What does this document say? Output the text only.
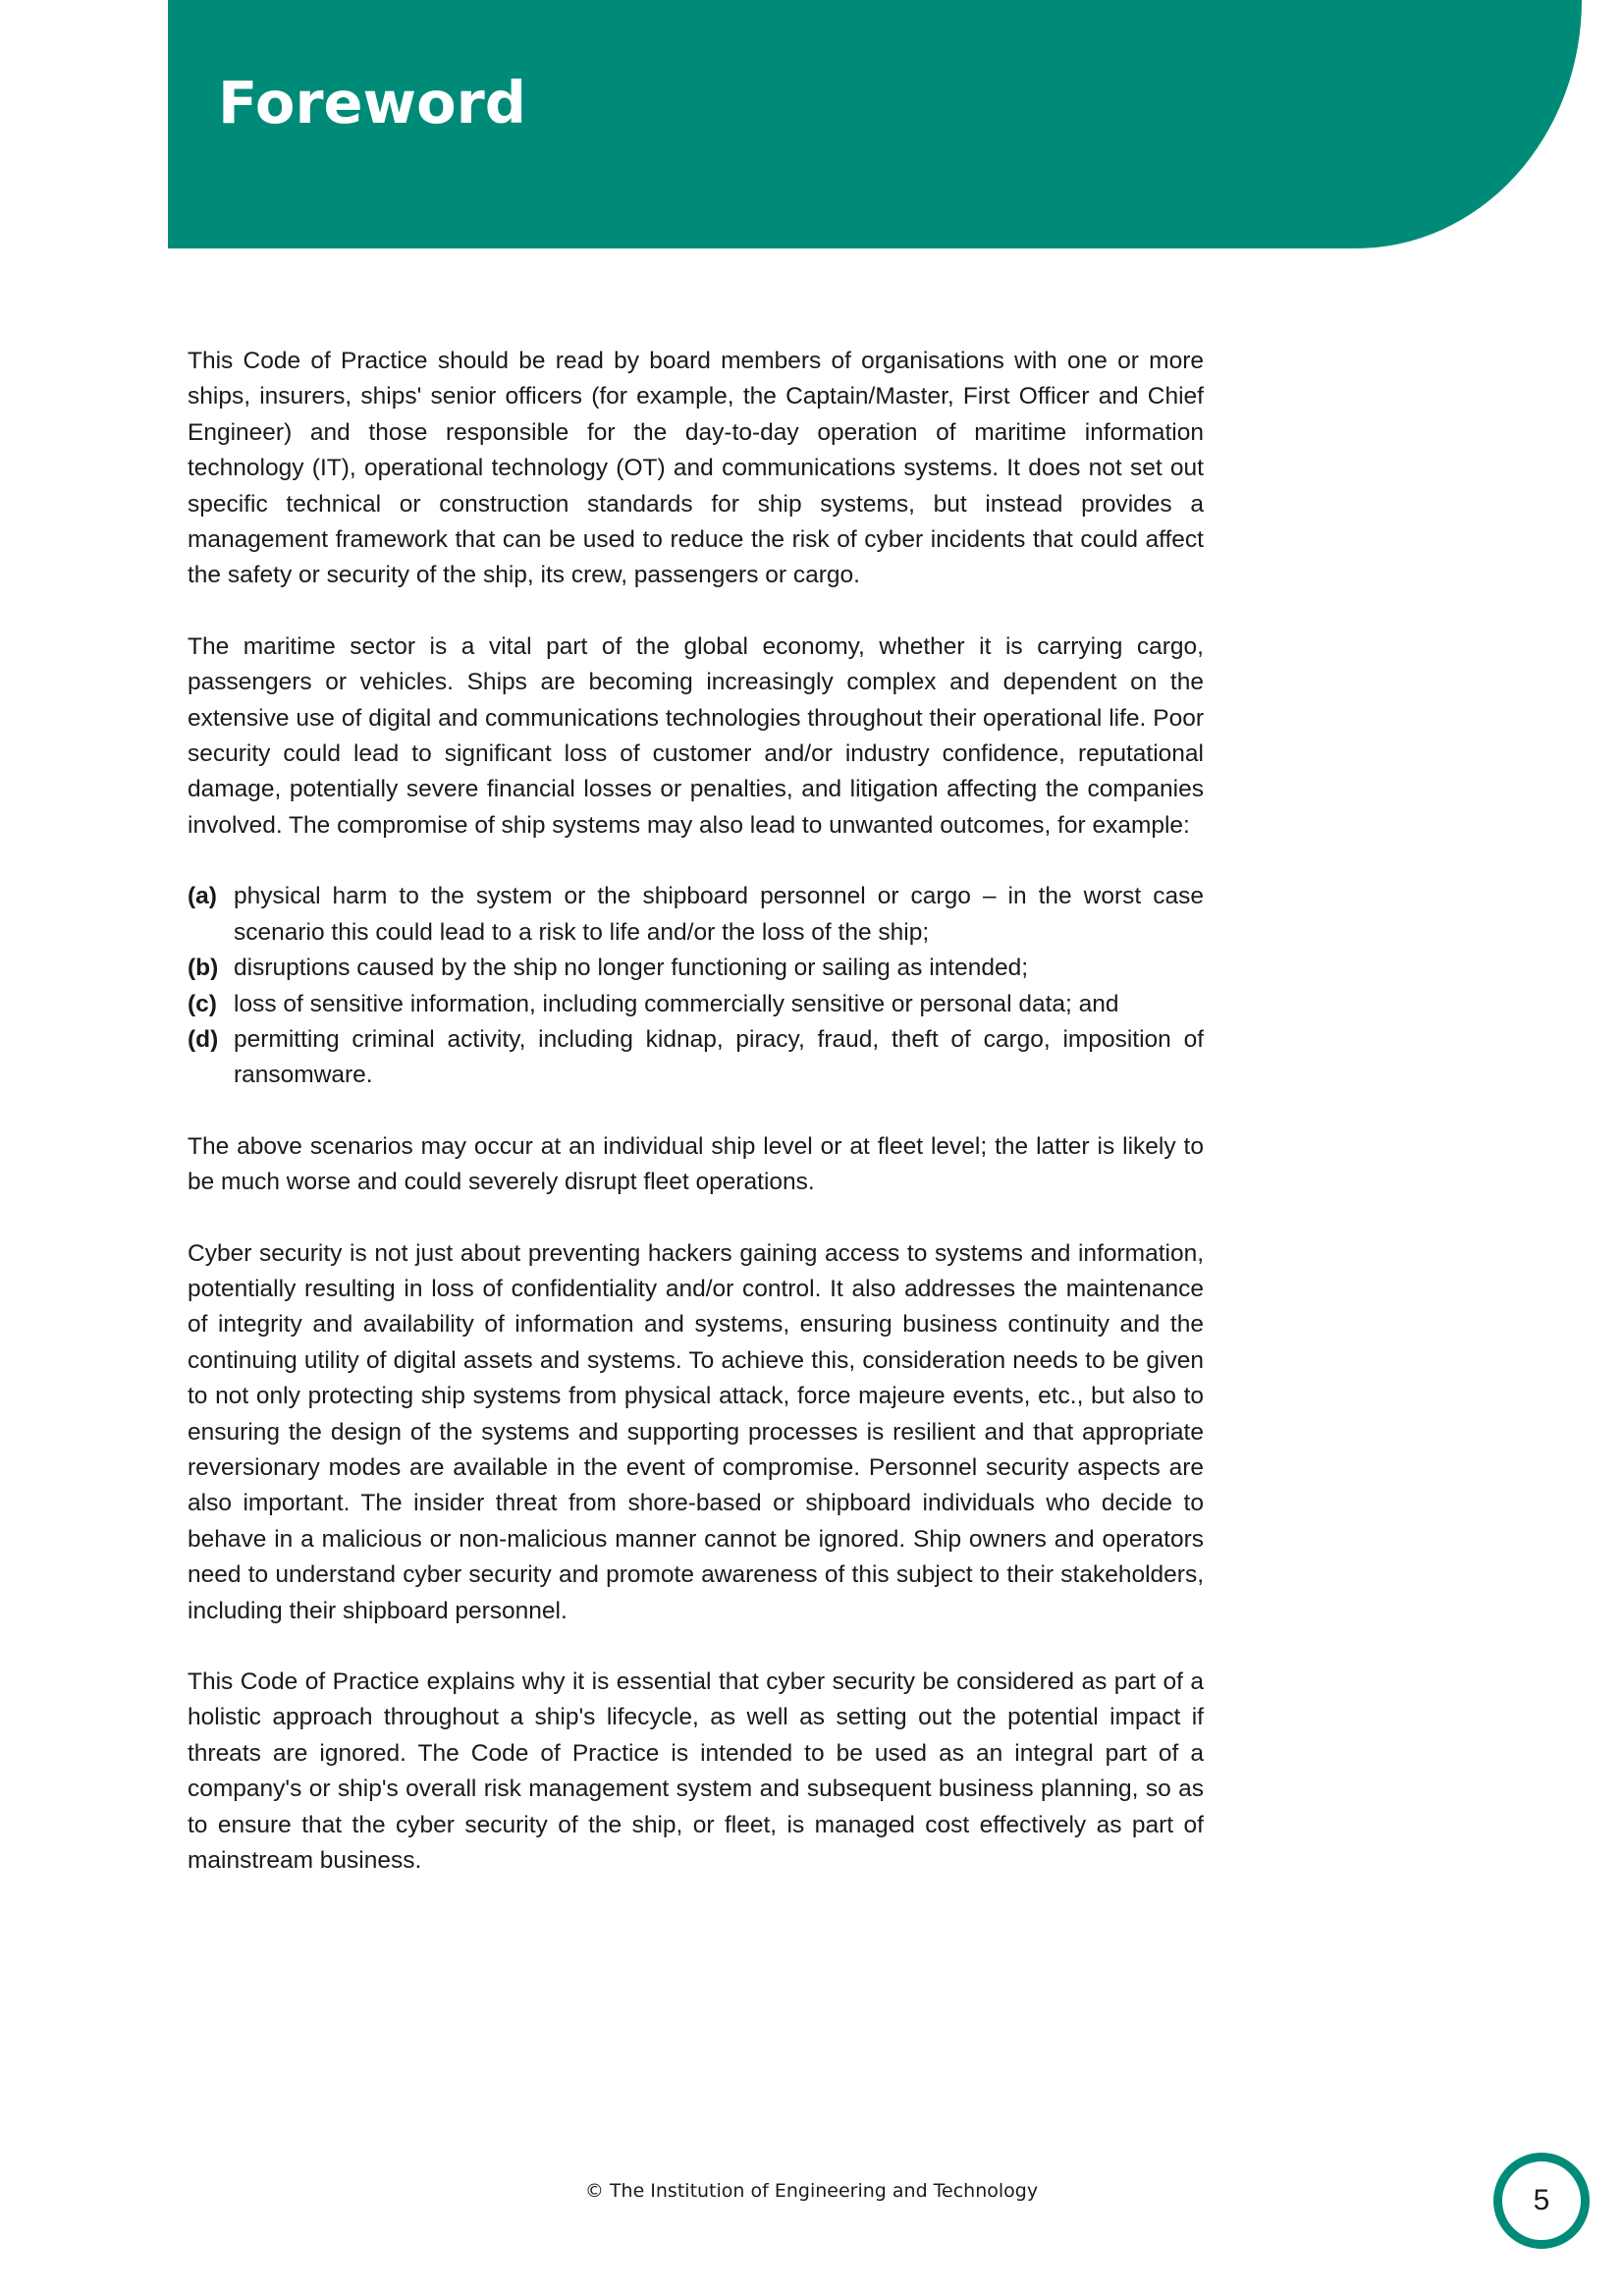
Foreword

This Code of Practice should be read by board members of organisations with one or more ships, insurers, ships' senior officers (for example, the Captain/Master, First Officer and Chief Engineer) and those responsible for the day-to-day operation of maritime information technology (IT), operational technology (OT) and communications systems. It does not set out specific technical or construction standards for ship systems, but instead provides a management framework that can be used to reduce the risk of cyber incidents that could affect the safety or security of the ship, its crew, passengers or cargo.

The maritime sector is a vital part of the global economy, whether it is carrying cargo, passengers or vehicles. Ships are becoming increasingly complex and dependent on the extensive use of digital and communications technologies throughout their operational life. Poor security could lead to significant loss of customer and/or industry confidence, reputational damage, potentially severe financial losses or penalties, and litigation affecting the companies involved. The compromise of ship systems may also lead to unwanted outcomes, for example:

(a) physical harm to the system or the shipboard personnel or cargo – in the worst case scenario this could lead to a risk to life and/or the loss of the ship;
(b) disruptions caused by the ship no longer functioning or sailing as intended;
(c) loss of sensitive information, including commercially sensitive or personal data; and
(d) permitting criminal activity, including kidnap, piracy, fraud, theft of cargo, imposition of ransomware.

The above scenarios may occur at an individual ship level or at fleet level; the latter is likely to be much worse and could severely disrupt fleet operations.

Cyber security is not just about preventing hackers gaining access to systems and information, potentially resulting in loss of confidentiality and/or control. It also addresses the maintenance of integrity and availability of information and systems, ensuring business continuity and the continuing utility of digital assets and systems. To achieve this, consideration needs to be given to not only protecting ship systems from physical attack, force majeure events, etc., but also to ensuring the design of the systems and supporting processes is resilient and that appropriate reversionary modes are available in the event of compromise. Personnel security aspects are also important. The insider threat from shore-based or shipboard individuals who decide to behave in a malicious or non-malicious manner cannot be ignored. Ship owners and operators need to understand cyber security and promote awareness of this subject to their stakeholders, including their shipboard personnel.

This Code of Practice explains why it is essential that cyber security be considered as part of a holistic approach throughout a ship's lifecycle, as well as setting out the potential impact if threats are ignored. The Code of Practice is intended to be used as an integral part of a company's or ship's overall risk management system and subsequent business planning, so as to ensure that the cyber security of the ship, or fleet, is managed cost effectively as part of mainstream business.

© The Institution of Engineering and Technology	5
